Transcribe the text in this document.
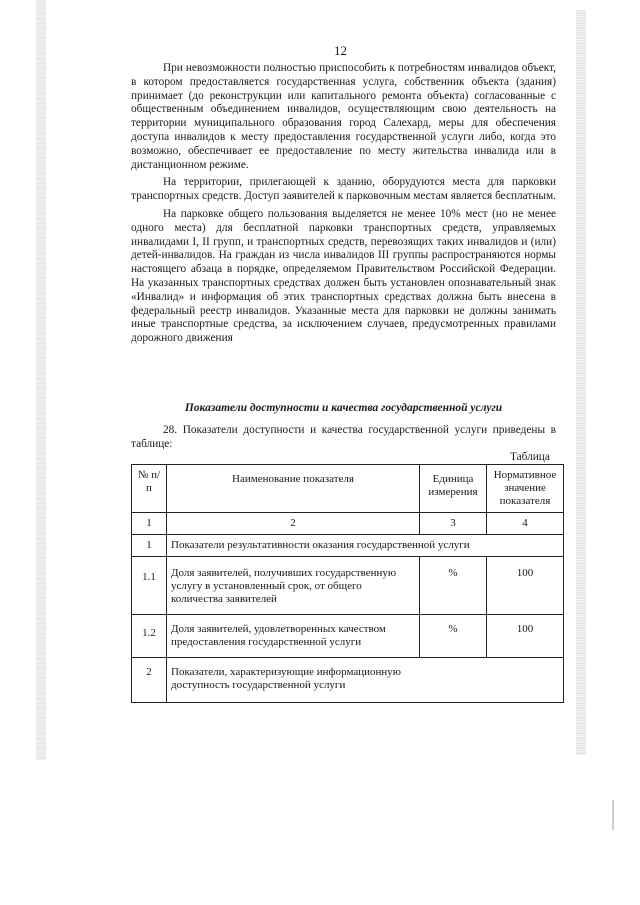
12

При невозможности полностью приспособить к потребностям инвалидов объект, в котором предоставляется государственная услуга, собственник объекта (здания) принимает (до реконструкции или капитального ремонта объекта) согласованные с общественным объединением инвалидов, осуществляющим свою деятельность на территории муниципального образования город Салехард, меры для обеспечения доступа инвалидов к месту предоставления государственной услуги либо, когда это возможно, обеспечивает ее предоставление по месту жительства инвалида или в дистанционном режиме.

На территории, прилегающей к зданию, оборудуются места для парковки транспортных средств. Доступ заявителей к парковочным местам является бесплатным.

На парковке общего пользования выделяется не менее 10% мест (но не менее одного места) для бесплатной парковки транспортных средств, управляемых инвалидами I, II групп, и транспортных средств, перевозящих таких инвалидов и (или) детей-инвалидов. На граждан из числа инвалидов III группы распространяются нормы настоящего абзаца в порядке, определяемом Правительством Российской Федерации. На указанных транспортных средствах должен быть установлен опознавательный знак «Инвалид» и информация об этих транспортных средствах должна быть внесена в федеральный реестр инвалидов. Указанные места для парковки не должны занимать иные транспортные средства, за исключением случаев, предусмотренных правилами дорожного движения

Показатели доступности и качества государственной услуги

28. Показатели доступности и качества государственной услуги приведены в таблице:

Таблица
№ п/п	Наименование показателя	Единица измерения	Нормативное значение показателя
1	2	3	4
1	Показатели результативности оказания государственной услуги		
1.1	Доля заявителей, получивших государственную услугу в установленный срок, от общего количества заявителей	%	100
1.2	Доля заявителей, удовлетворенных качеством предоставления государственной услуги	%	100
2	Показатели, характеризующие информационную доступность государственной услуги		
